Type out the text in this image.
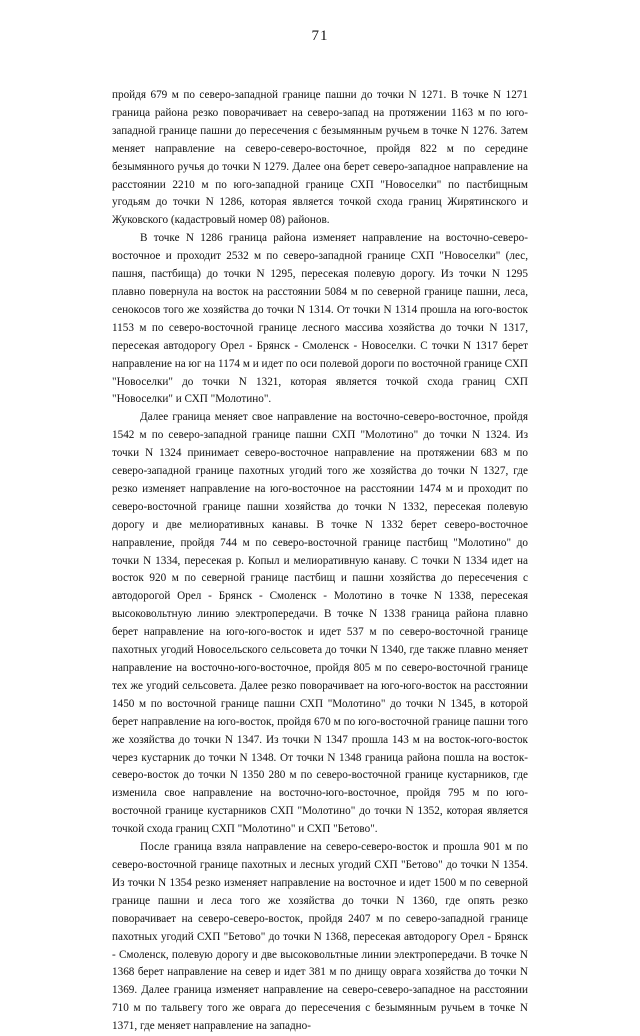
71

пройдя 679 м по северо-западной границе пашни до точки N 1271. В точке N 1271 граница района резко поворачивает на северо-запад на протяжении 1163 м по юго-западной границе пашни до пересечения с безымянным ручьем в точке N 1276. Затем меняет направление на северо-северо-восточное, пройдя 822 м по середине безымянного ручья до точки N 1279. Далее она берет северо-западное направление на расстоянии 2210 м по юго-западной границе СХП "Новоселки" по пастбищным угодьям до точки N 1286, которая является точкой схода границ Жирятинского и Жуковского (кадастровый номер 08) районов.

В точке N 1286 граница района изменяет направление на восточно-северо-восточное и проходит 2532 м по северо-западной границе СХП "Новоселки" (лес, пашня, пастбища) до точки N 1295, пересекая полевую дорогу. Из точки N 1295 плавно повернула на восток на расстоянии 5084 м по северной границе пашни, леса, сенокосов того же хозяйства до точки N 1314. От точки N 1314 прошла на юго-восток 1153 м по северо-восточной границе лесного массива хозяйства до точки N 1317, пересекая автодорогу Орел - Брянск - Смоленск - Новоселки. С точки N 1317 берет направление на юг на 1174 м и идет по оси полевой дороги по восточной границе СХП "Новоселки" до точки N 1321, которая является точкой схода границ СХП "Новоселки" и СХП "Молотино".

Далее граница меняет свое направление на восточно-северо-восточное, пройдя 1542 м по северо-западной границе пашни СХП "Молотино" до точки N 1324. Из точки N 1324 принимает северо-восточное направление на протяжении 683 м по северо-западной границе пахотных угодий того же хозяйства до точки N 1327, где резко изменяет направление на юго-восточное на расстоянии 1474 м и проходит по северо-восточной границе пашни хозяйства до точки N 1332, пересекая полевую дорогу и две мелиоративных канавы. В точке N 1332 берет северо-восточное направление, пройдя 744 м по северо-восточной границе пастбищ "Молотино" до точки N 1334, пересекая р. Копыл и мелиоративную канаву. С точки N 1334 идет на восток 920 м по северной границе пастбищ и пашни хозяйства до пересечения с автодорогой Орел - Брянск - Смоленск - Молотино в точке N 1338, пересекая высоковольтную линию электропередачи. В точке N 1338 граница района плавно берет направление на юго-юго-восток и идет 537 м по северо-восточной границе пахотных угодий Новосельского сельсовета до точки N 1340, где также плавно меняет направление на восточно-юго-восточное, пройдя 805 м по северо-восточной границе тех же угодий сельсовета. Далее резко поворачивает на юго-юго-восток на расстоянии 1450 м по восточной границе пашни СХП "Молотино" до точки N 1345, в которой берет направление на юго-восток, пройдя 670 м по юго-восточной границе пашни того же хозяйства до точки N 1347. Из точки N 1347 прошла 143 м на восток-юго-восток через кустарник до точки N 1348. От точки N 1348 граница района пошла на восток-северо-восток до точки N 1350 280 м по северо-восточной границе кустарников, где изменила свое направление на восточно-юго-восточное, пройдя 795 м по юго-восточной границе кустарников СХП "Молотино" до точки N 1352, которая является точкой схода границ СХП "Молотино" и СХП "Бетово".

После граница взяла направление на северо-северо-восток и прошла 901 м по северо-восточной границе пахотных и лесных угодий СХП "Бетово" до точки N 1354. Из точки N 1354 резко изменяет направление на восточное и идет 1500 м по северной границе пашни и леса того же хозяйства до точки N 1360, где опять резко поворачивает на северо-северо-восток, пройдя 2407 м по северо-западной границе пахотных угодий СХП "Бетово" до точки N 1368, пересекая автодорогу Орел - Брянск - Смоленск, полевую дорогу и две высоковольтные линии электропередачи. В точке N 1368 берет направление на север и идет 381 м по днищу оврага хозяйства до точки N 1369. Далее граница изменяет направление на северо-северо-западное на расстоянии 710 м по тальвегу того же оврага до пересечения с безымянным ручьем в точке N 1371, где меняет направление на западно-
